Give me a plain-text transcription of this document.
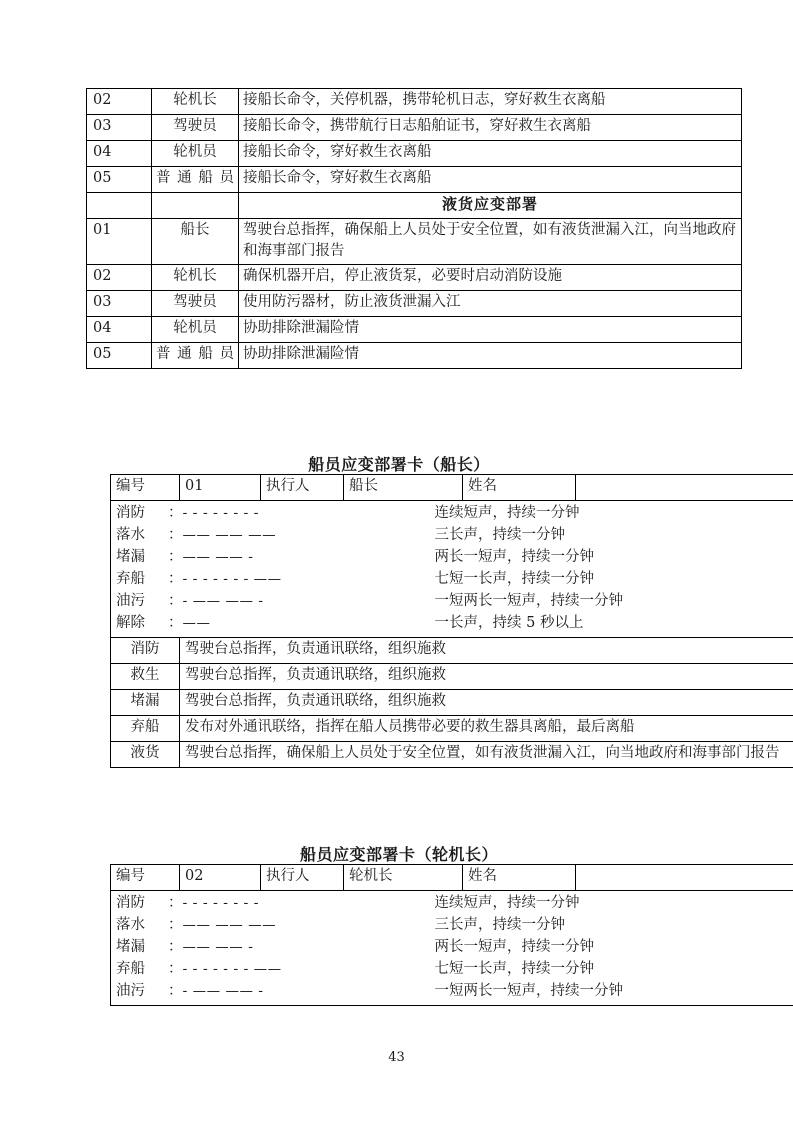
02	轮机长	接船长命令，关停机器，携带轮机日志，穿好救生衣离船
03	驾驶员	接船长命令，携带航行日志船舶证书，穿好救生衣离船
04	轮机员	接船长命令，穿好救生衣离船
05	普通船员	接船长命令，穿好救生衣离船
		液货应变部署
01	船长	驾驶台总指挥，确保船上人员处于安全位置，如有液货泄漏入江，向当地政府和海事部门报告
02	轮机长	确保机器开启，停止液货泵，必要时启动消防设施
03	驾驶员	使用防污器材，防止液货泄漏入江
04	轮机员	协助排除泄漏险情
05	普通船员	协助排除泄漏险情
船员应变部署卡（船长）
编号	01	执行人	船长	姓名	

消防	： - - - - - - - -	连续短声，持续一分钟
落水	： —— —— ——	三长声，持续一分钟
堵漏	： —— —— -	两长一短声，持续一分钟
弃船	： - - - - - - - ——	七短一长声，持续一分钟
油污	： - —— —— -	一短两长一短声，持续一分钟
解除	： ——	一长声，持续 5 秒以上

消防	驾驶台总指挥，负责通讯联络，组织施救				
救生	驾驶台总指挥，负责通讯联络，组织施救				
堵漏	驾驶台总指挥，负责通讯联络，组织施救				
弃船	发布对外通讯联络，指挥在船人员携带必要的救生器具离船，最后离船				
液货	驾驶台总指挥，确保船上人员处于安全位置，如有液货泄漏入江，向当地政府和海事部门报告				
船员应变部署卡（轮机长）
编号	02	执行人	轮机长	姓名	

消防	： - - - - - - - -	连续短声，持续一分钟
落水	： —— —— ——	三长声，持续一分钟
堵漏	： —— —— -	两长一短声，持续一分钟
弃船	： - - - - - - - ——	七短一长声，持续一分钟
油污	： - —— —— -	一短两长一短声，持续一分钟
43
